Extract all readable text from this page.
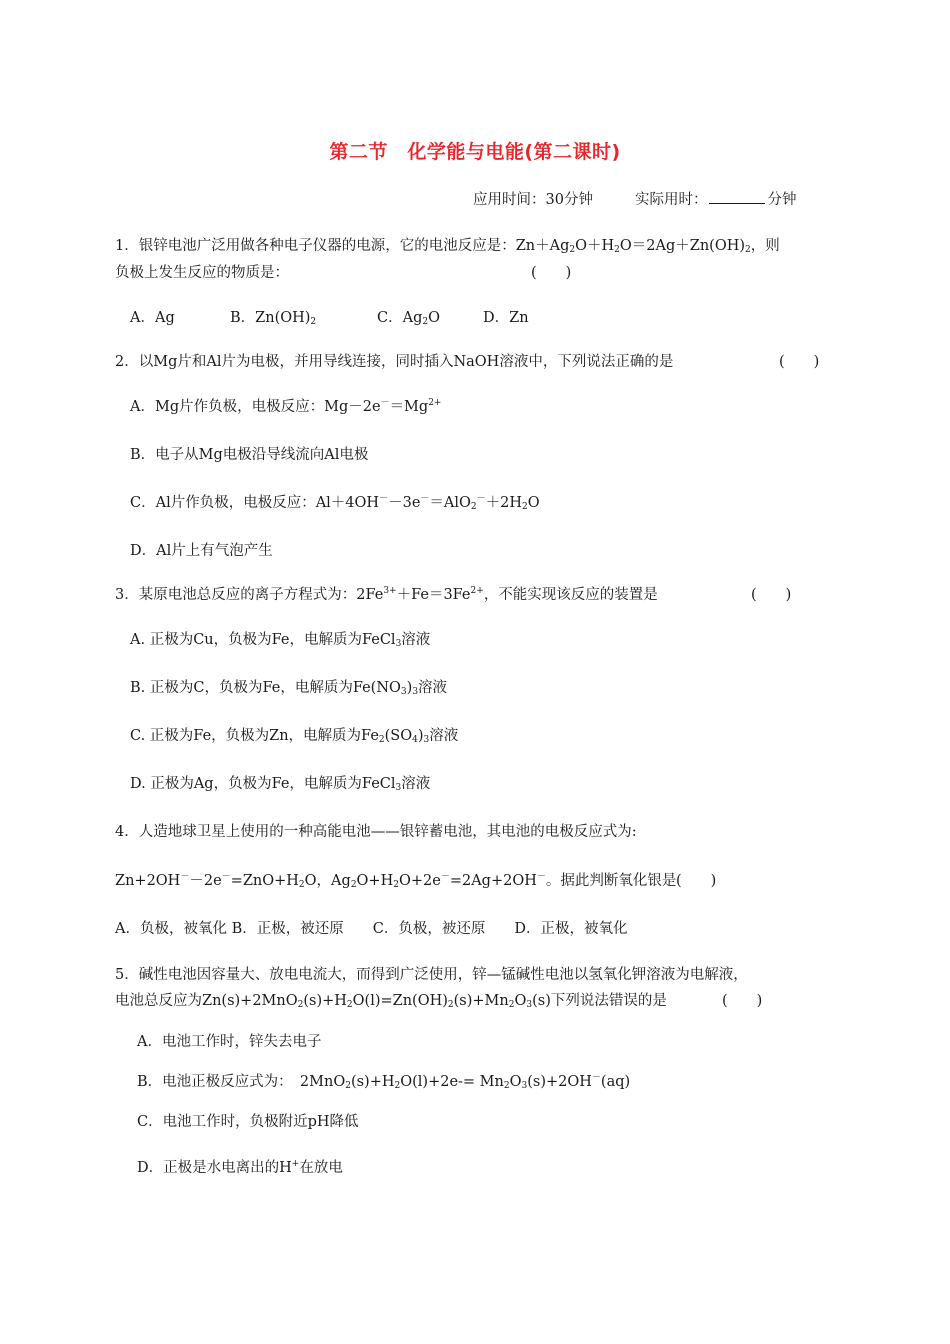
第二节　化学能与电能(第二课时)
应用时间：30分钟	实际用时：	分钟
1．银锌电池广泛用做各种电子仪器的电源，它的电池反应是：$Zn+Ag_2O+H_2O=2Ag+Zn(OH)_2$，则
负极上发生反应的物质是：	(　　)
A．Ag	B．$Zn(OH)_2$	C．$Ag_2O$	D．Zn
2．以Mg片和Al片为电极，并用导线连接，同时插入NaOH溶液中，下列说法正确的是	(　　)
A．Mg片作负极，电极反应：$Mg-2e^-=Mg^{2+}$
B．电子从Mg电极沿导线流向Al电极
C．Al片作负极，电极反应：$Al+4OH^--3e^-=AlO_2^-+2H_2O$
D．Al片上有气泡产生
3．某原电池总反应的离子方程式为：$2Fe^{3+}+Fe=3Fe^{2+}$，不能实现该反应的装置是	(　　)
A. 正极为Cu，负极为Fe，电解质为FeCl$_3$溶液
B. 正极为C，负极为Fe，电解质为$Fe(NO_3)_3$溶液
C. 正极为Fe，负极为Zn，电解质为$Fe_2(SO_4)_3$溶液
D. 正极为Ag，负极为Fe，电解质为FeCl$_3$溶液
4．人造地球卫星上使用的一种高能电池——银锌蓄电池，其电池的电极反应式为:
$Zn+2OH^--2e^-=ZnO+H_2O$，$Ag_2O+H_2O+2e^-=2Ag+2OH^-$。据此判断氧化银是 (　　)
A．负极，被氧化 B．正极，被还原　　C．负极，被还原　　D．正极，被氧化
5．碱性电池因容量大、放电电流大，而得到广泛使用，锌—锰碱性电池以氢氧化钾溶液为电解液，
电池总反应为$Zn(s)+2MnO_2(s)+H_2O(l)=Zn(OH)_2(s)+Mn_2O_3(s)$下列说法错误的是	(　　)
A．电池工作时，锌失去电子
B．电池正极反应式为：　$2MnO_2(s)+H_2O(l)+2e-= Mn_2O_3(s)+2OH^-(aq)$
C．电池工作时，负极附近pH降低
D．正极是水电离出的H+在放电
